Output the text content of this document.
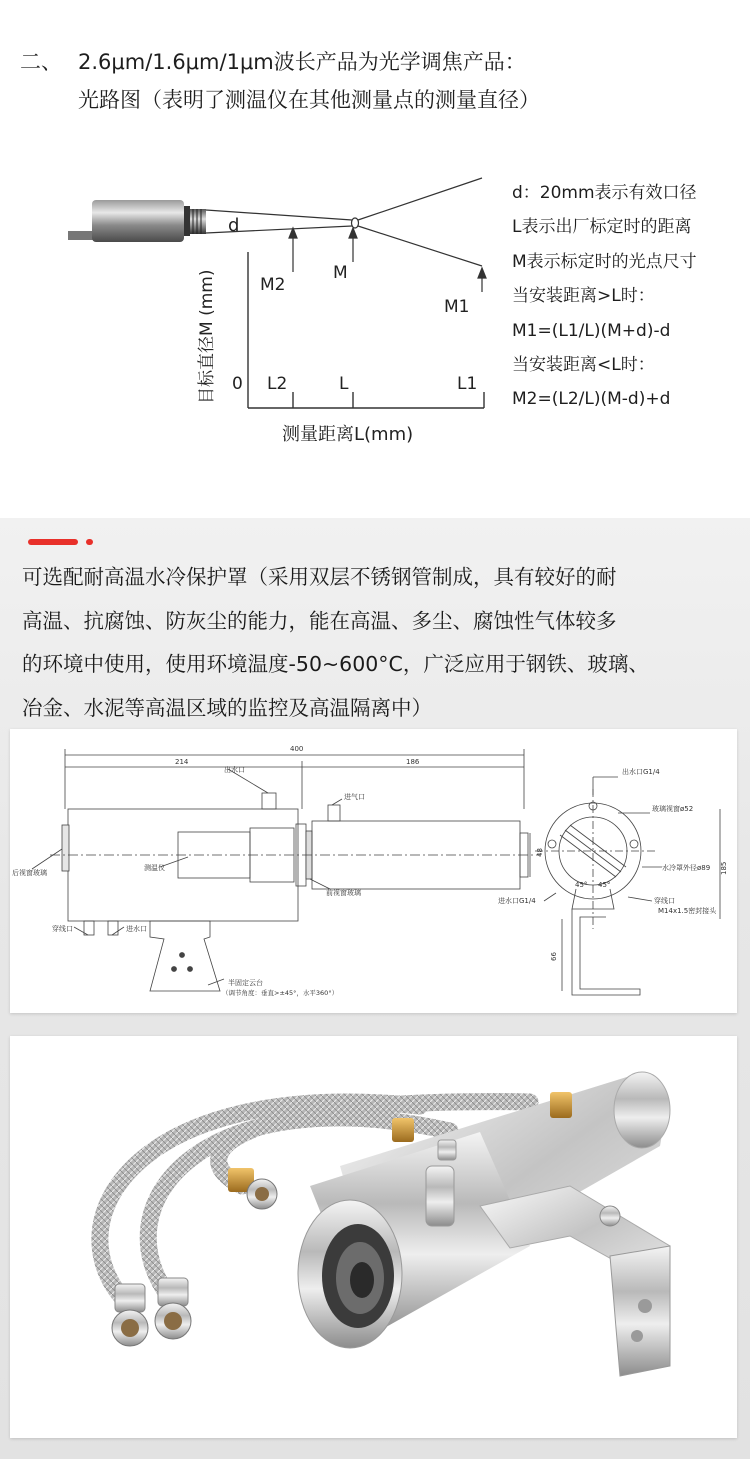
二、 2.6μm/1.6μm/1μm波长产品为光学调焦产品：
光路图（表明了测温仪在其他测量点的测量直径）
d
M2
M
M1
0 L2	L	L1
目标直径M (mm)
测量距离L(mm)
d：20mm表示有效口径
L表示出厂标定时的距离
M表示标定时的光点尺寸
当安装距离>L时：
M1=(L1/L)(M+d)-d
当安装距离<L时：
M2=(L2/L)(M-d)+d
可选配耐高温水冷保护罩（采用双层不锈钢管制成，具有较好的耐
高温、抗腐蚀、防灰尘的能力，能在高温、多尘、腐蚀性气体较多
的环境中使用，使用环境温度-50~600°C，广泛应用于钢铁、玻璃、
冶金、水泥等高温区域的监控及高温隔离中）
400
214	186
出水口
进气口
测温仪
后视窗玻璃
前视窗玻璃
穿线口	进水口
半固定云台
（调节角度：垂直>±45°，水平360°）
48
出水口G1/4
玻璃视窗ø52
水冷罩外径ø89 185
进水口G1/4	穿线口
M14x1.5密封接头
45° 45°
66
